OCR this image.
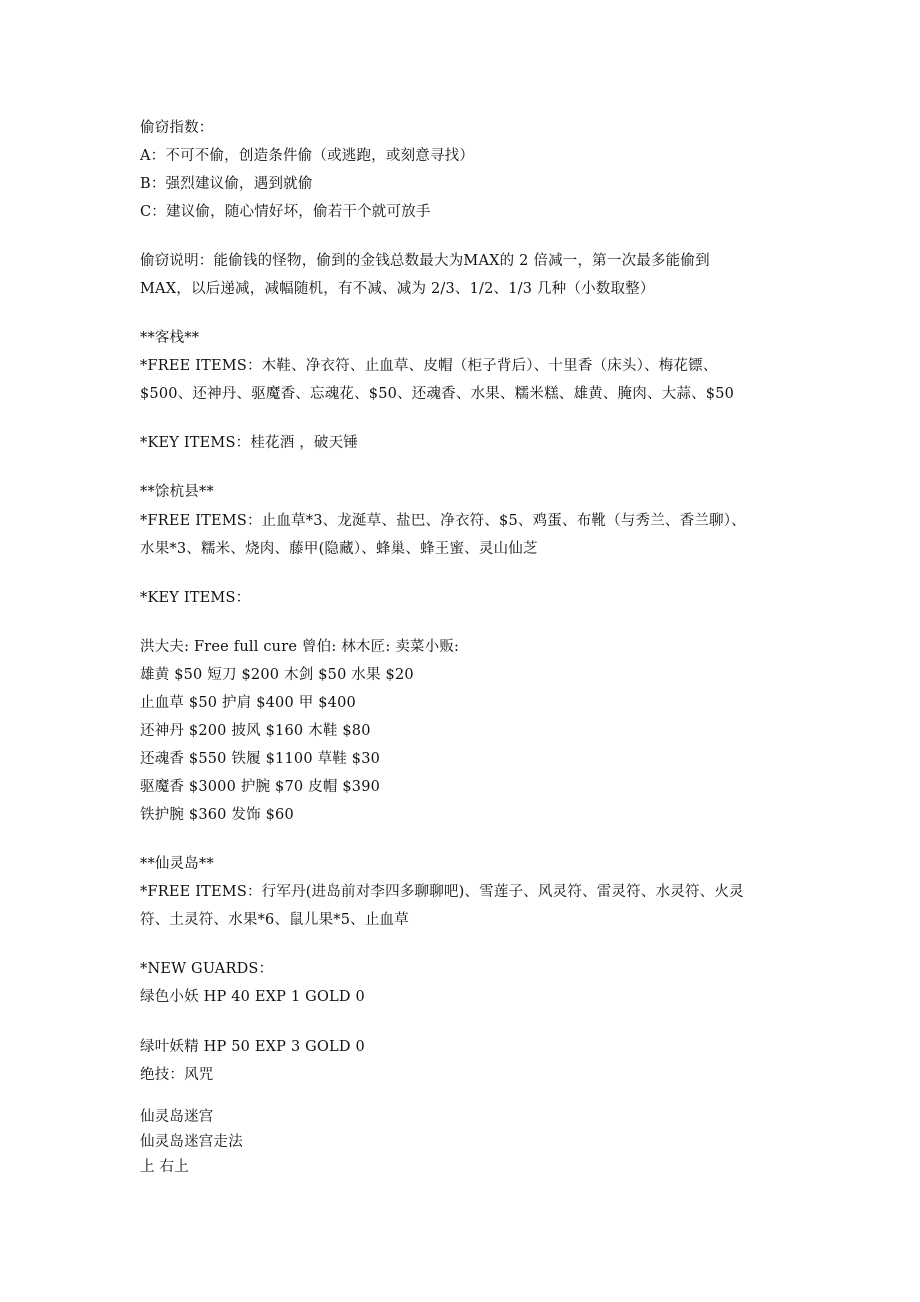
偷窃指数：
A：不可不偷，创造条件偷（或逃跑，或刻意寻找）
B：强烈建议偷，遇到就偷
C：建议偷，随心情好坏，偷若干个就可放手
偷窃说明：能偷钱的怪物，偷到的金钱总数最大为MAX的 2 倍减一，第一次最多能偷到
MAX，以后递减，减幅随机，有不减、减为 2/3、1/2、1/3 几种（小数取整）
**客栈**
*FREE ITEMS：木鞋、净衣符、止血草、皮帽（柜子背后）、十里香（床头）、梅花镖、
$500、还神丹、驱魔香、忘魂花、$50、还魂香、水果、糯米糕、雄黄、腌肉、大蒜、$50
*KEY ITEMS：桂花酒 ，破天锤
**馀杭县**
*FREE ITEMS：止血草*3、龙涎草、盐巴、净衣符、$5、鸡蛋、布靴（与秀兰、香兰聊）、
水果*3、糯米、烧肉、藤甲(隐藏）、蜂巢、蜂王蜜、灵山仙芝
*KEY ITEMS：
洪大夫: Free full cure 曾伯: 林木匠: 卖菜小贩:
雄黄 $50 短刀 $200 木剑 $50 水果 $20
止血草 $50 护肩 $400 甲 $400
还神丹 $200 披风 $160 木鞋 $80
还魂香 $550 铁履 $1100 草鞋 $30
驱魔香 $3000 护腕 $70 皮帽 $390
铁护腕 $360 发饰 $60
**仙灵岛**
*FREE ITEMS：行军丹(进岛前对李四多聊聊吧)、雪莲子、风灵符、雷灵符、水灵符、火灵
符、土灵符、水果*6、鼠儿果*5、止血草
*NEW GUARDS：
绿色小妖 HP 40 EXP 1 GOLD 0
绿叶妖精 HP 50 EXP 3 GOLD 0
绝技：风咒
仙灵岛迷宫
仙灵岛迷宫走法
上 右上
